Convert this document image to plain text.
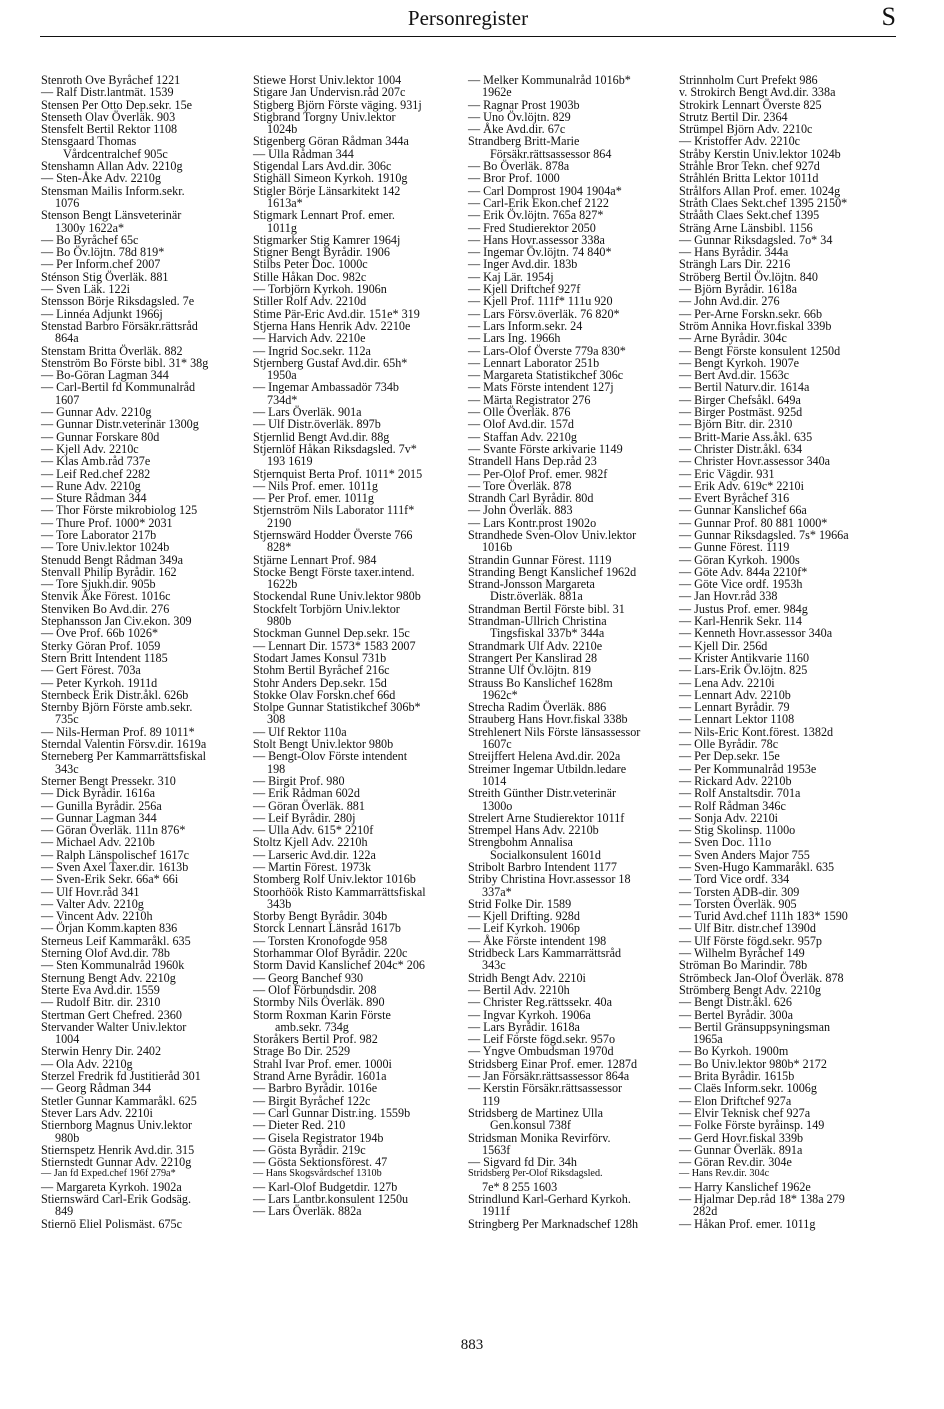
Personregister	S
Stenroth Ove Byråchef 1221
— Ralf Distr.lantmät. 1539
Stensen Per Otto Dep.sekr. 15e
Stenseth Olav Överläk. 903
Stensfelt Bertil Rektor 1108
Stensgaard Thomas
Vårdcentralchef 905c
Stenshamn Allan Adv. 2210g
— Sten-Åke Adv. 2210g
Stensman Mailis Inform.sekr.
1076
Stenson Bengt Länsveterinär
1300y 1622a*
— Bo Byråchef 65c
— Bo Öv.löjtn. 78d 819*
— Per Inform.chef 2007
Sténson Stig Överläk. 881
— Sven Läk. 122i
Stensson Börje Riksdagsled. 7e
— Linnéa Adjunkt 1966j
Stenstad Barbro Försäkr.rättsråd
864a
Stenstam Britta Överläk. 882
Stenström Bo Förste bibl. 31* 38g
— Bo-Göran Lagman 344
— Carl-Bertil fd Kommunalråd
1607
— Gunnar Adv. 2210g
— Gunnar Distr.veterinär 1300g
— Gunnar Forskare 80d
— Kjell Adv. 2210c
— Klas Amb.råd 737e
— Leif Red.chef 2282
— Rune Adv. 2210g
— Sture Rådman 344
— Thor Förste mikrobiolog 125
— Thure Prof. 1000* 2031
— Tore Laborator 217b
— Tore Univ.lektor 1024b
Stenudd Bengt Rådman 349a
Stenvall Philip Byrådir. 162
— Tore Sjukh.dir. 905b
Stenvik Åke Förest. 1016c
Stenviken Bo Avd.dir. 276
Stephansson Jan Civ.ekon. 309
— Ove Prof. 66b 1026*
Sterky Göran Prof. 1059
Stern Britt Intendent 1185
— Gert Förest. 703a
— Peter Kyrkoh. 1911d
Sternbeck Erik Distr.åkl. 626b
Sternby Björn Förste amb.sekr.
735c
— Nils-Herman Prof. 89 1011*
Sterndal Valentin Försv.dir. 1619a
Sterneberg Per Kammarrättsfiskal
343c
Sterner Bengt Pressekr. 310
— Dick Byrådir. 1616a
— Gunilla Byrådir. 256a
— Gunnar Lagman 344
— Göran Överläk. 111n 876*
— Michael Adv. 2210b
— Ralph Länspolischef 1617c
— Sven Axel Taxer.dir. 1613b
— Sven-Erik Sekr. 66a* 66i
— Ulf Hovr.råd 341
— Valter Adv. 2210g
— Vincent Adv. 2210h
— Örjan Komm.kapten 836
Sterneus Leif Kammaråkl. 635
Sterning Olof Avd.dir. 78b
— Sten Kommunalråd 1960k
Sternung Bengt Adv. 2210g
Sterte Eva Avd.dir. 1559
— Rudolf Bitr. dir. 2310
Stertman Gert Chefred. 2360
Stervander Walter Univ.lektor
1004
Sterwin Henry Dir. 2402
— Ola Adv. 2210g
Sterzel Fredrik fd Justitieråd 301
— Georg Rådman 344
Stetler Gunnar Kammaråkl. 625
Stever Lars Adv. 2210i
Stiernborg Magnus Univ.lektor
980b
Stiernspetz Henrik Avd.dir. 315
Stiernstedt Gunnar Adv. 2210g
— Jan fd Exped.chef 196f 279a*
— Margareta Kyrkoh. 1902a
Stiernswärd Carl-Erik Godsäg.
849
Stiernö Eliel Polismäst. 675c
Stiewe Horst Univ.lektor 1004
Stigare Jan Undervisn.råd 207c
Stigberg Björn Förste väging. 931j
Stigbrand Torgny Univ.lektor
1024b
Stigenberg Göran Rådman 344a
— Ulla Rådman 344
Stigendal Lars Avd.dir. 306c
Stighäll Simeon Kyrkoh. 1910g
Stigler Börje Länsarkitekt 142
1613a*
Stigmark Lennart Prof. emer.
1011g
Stigmarker Stig Kamrer 1964j
Stigner Bengt Byrådir. 1906
Stilbs Peter Doc. 1000c
Stille Håkan Doc. 982c
— Torbjörn Kyrkoh. 1906n
Stiller Rolf Adv. 2210d
Stime Pär-Eric Avd.dir. 151e* 319
Stjerna Hans Henrik Adv. 2210e
— Harvich Adv. 2210e
— Ingrid Soc.sekr. 112a
Stjernberg Gustaf Avd.dir. 65h*
1950a
— Ingemar Ambassadör 734b
734d*
— Lars Överläk. 901a
— Ulf Distr.överläk. 897b
Stjernlid Bengt Avd.dir. 88g
Stjernlöf Håkan Riksdagsled. 7v*
193 1619
Stjernquist Berta Prof. 1011* 2015
— Nils Prof. emer. 1011g
— Per Prof. emer. 1011g
Stjernström Nils Laborator 111f*
2190
Stjernswärd Hodder Överste 766
828*
Stjärne Lennart Prof. 984
Stocke Bengt Förste taxer.intend.
1622b
Stockendal Rune Univ.lektor 980b
Stockfelt Torbjörn Univ.lektor
980b
Stockman Gunnel Dep.sekr. 15c
— Lennart Dir. 1573* 1583 2007
Stodart James Konsul 731b
Stohm Bertil Byråchef 216c
Stohr Anders Dep.sekr. 15d
Stokke Olav Forskn.chef 66d
Stolpe Gunnar Statistikchef 306b*
308
— Ulf Rektor 110a
Stolt Bengt Univ.lektor 980b
— Bengt-Olov Förste intendent
198
— Birgit Prof. 980
— Erik Rådman 602d
— Göran Överläk. 881
— Leif Byrådir. 280j
— Ulla Adv. 615* 2210f
Stoltz Kjell Adv. 2210h
— Larseric Avd.dir. 122a
— Martin Förest. 1973k
Stomberg Rolf Univ.lektor 1016b
Stoorhöök Risto Kammarrättsfiskal
343b
Storby Bengt Byrådir. 304b
Storck Lennart Länsråd 1617b
— Torsten Kronofogde 958
Storhammar Olof Byrådir. 220c
Storm David Kanslichef 204c* 206
— Georg Banchef 930
— Olof Förbundsdir. 208
Stormby Nils Överläk. 890
Storm Roxman Karin Förste
amb.sekr. 734g
Storåkers Bertil Prof. 982
Strage Bo Dir. 2529
Strahl Ivar Prof. emer. 1000i
Strand Arne Byrådir. 1601a
— Barbro Byrådir. 1016e
— Birgit Byråchef 122c
— Carl Gunnar Distr.ing. 1559b
— Dieter Red. 210
— Gisela Registrator 194b
— Gösta Byrådir. 219c
— Gösta Sektionsförest. 47
— Hans Skogsvårdschef 1310b
— Karl-Olof Budgetdir. 127b
— Lars Lantbr.konsulent 1250u
— Lars Överläk. 882a
— Melker Kommunalråd 1016b*
1962e
— Ragnar Prost 1903b
— Uno Öv.löjtn. 829
— Åke Avd.dir. 67c
Strandberg Britt-Marie
Försäkr.rättsassessor 864
— Bo Överläk. 878a
— Bror Prof. 1000
— Carl Domprost 1904 1904a*
— Carl-Erik Ekon.chef 2122
— Erik Öv.löjtn. 765a 827*
— Fred Studierektor 2050
— Hans Hovr.assessor 338a
— Ingemar Öv.löjtn. 74 840*
— Inger Avd.dir. 183b
— Kaj Lär. 1954j
— Kjell Driftchef 927f
— Kjell Prof. 111f* 111u 920
— Lars Försv.överläk. 76 820*
— Lars Inform.sekr. 24
— Lars Ing. 1966h
— Lars-Olof Överste 779a 830*
— Lennart Laborator 251b
— Margareta Statistikchef 306c
— Mats Förste intendent 127j
— Märta Registrator 276
— Olle Överläk. 876
— Olof Avd.dir. 157d
— Staffan Adv. 2210g
— Svante Förste arkivarie 1149
Strandell Hans Dep.råd 23
— Per-Olof Prof. emer. 982f
— Tore Överläk. 878
Strandh Carl Byrådir. 80d
— John Överläk. 883
— Lars Kontr.prost 1902o
Strandhede Sven-Olov Univ.lektor
1016b
Strandin Gunnar Förest. 1119
Stranding Bengt Kanslichef 1962d
Strand-Jonsson Margareta
Distr.överläk. 881a
Strandman Bertil Förste bibl. 31
Strandman-Ullrich Christina
Tingsfiskal 337b* 344a
Strandmark Ulf Adv. 2210e
Strangert Per Kanslirad 28
Stranne Ulf Öv.löjtn. 819
Strauss Bo Kanslichef 1628m
1962c*
Strecha Radim Överläk. 886
Strauberg Hans Hovr.fiskal 338b
Strehlenert Nils Förste länsassessor
1607c
Streijffert Helena Avd.dir. 202a
Streimer Ingemar Utbildn.ledare
1014
Streith Günther Distr.veterinär
1300o
Strelert Arne Studierektor 1011f
Strempel Hans Adv. 2210b
Strengbohm Annalisa
Socialkonsulent 1601d
Stribolt Barbro Intendent 1177
Striby Christina Hovr.assessor 18
337a*
Strid Folke Dir. 1589
— Kjell Drifting. 928d
— Leif Kyrkoh. 1906p
— Åke Förste intendent 198
Stridbeck Lars Kammarrättsråd
343c
Stridh Bengt Adv. 2210i
— Bertil Adv. 2210h
— Christer Reg.rättssekr. 40a
— Ingvar Kyrkoh. 1906a
— Lars Byrådir. 1618a
— Leif Förste fögd.sekr. 957o
— Yngve Ombudsman 1970d
Stridsberg Einar Prof. emer. 1287d
— Jan Försäkr.rättsassessor 864a
— Kerstin Försäkr.rättsassessor
119
Stridsberg de Martinez Ulla
Gen.konsul 738f
Stridsman Monika Revirförv.
1563f
— Sigvard fd Dir. 34h
Stridsberg Per-Olof Riksdagsled.
7e* 8 255 1603
Strindlund Karl-Gerhard Kyrkoh.
1911f
Stringberg Per Marknadschef 128h
Strinnholm Curt Prefekt 986
v. Strokirch Bengt Avd.dir. 338a
Strokirk Lennart Överste 825
Strutz Bertil Dir. 2364
Strümpel Björn Adv. 2210c
— Kristoffer Adv. 2210c
Stråby Kerstin Univ.lektor 1024b
Stråhle Bror Tekn. chef 927d
Stråhlén Britta Lektor 1011d
Strålfors Allan Prof. emer. 1024g
Stråth Claes Sekt.chef 1395 2150*
Strååth Claes Sekt.chef 1395
Sträng Arne Länsbibl. 1156
— Gunnar Riksdagsled. 7o* 34
— Hans Byrådir. 344a
Strängh Lars Dir. 2216
Ströberg Bertil Öv.löjtn. 840
— Björn Byrådir. 1618a
— John Avd.dir. 276
— Per-Arne Forskn.sekr. 66b
Ström Annika Hovr.fiskal 339b
— Arne Byrådir. 304c
— Bengt Förste konsulent 1250d
— Bengt Kyrkoh. 1907e
— Bert Avd.dir. 1563c
— Bertil Naturv.dir. 1614a
— Birger Chefsåkl. 649a
— Birger Postmäst. 925d
— Björn Bitr. dir. 2310
— Britt-Marie Ass.åkl. 635
— Christer Distr.åkl. 634
— Christer Hovr.assessor 340a
— Eric Vägdir. 931
— Erik Adv. 619c* 2210i
— Evert Byråchef 316
— Gunnar Kanslichef 66a
— Gunnar Prof. 80 881 1000*
— Gunnar Riksdagsled. 7s* 1966a
— Gunne Förest. 1119
— Göran Kyrkoh. 1900s
— Göte Adv. 844a 2210f*
— Göte Vice ordf. 1953h
— Jan Hovr.råd 338
— Justus Prof. emer. 984g
— Karl-Henrik Sekr. 114
— Kenneth Hovr.assessor 340a
— Kjell Dir. 256d
— Krister Antikvarie 1160
— Lars-Erik Öv.löjtn. 825
— Lena Adv. 2210i
— Lennart Adv. 2210b
— Lennart Byrådir. 79
— Lennart Lektor 1108
— Nils-Eric Kont.förest. 1382d
— Olle Byrådir. 78c
— Per Dep.sekr. 15e
— Per Kommunalråd 1953e
— Rickard Adv. 2210b
— Rolf Anstaltsdir. 701a
— Rolf Rådman 346c
— Sonja Adv. 2210i
— Stig Skolinsp. 1100o
— Sven Doc. 111o
— Sven Anders Major 755
— Sven-Hugo Kammaråkl. 635
— Tord Vice ordf. 334
— Torsten ADB-dir. 309
— Torsten Överläk. 905
— Turid Avd.chef 111h 183* 1590
— Ulf Bitr. distr.chef 1390d
— Ulf Förste fögd.sekr. 957p
— Wilhelm Byråchef 149
Ströman Bo Marindir. 78b
Strömbeck Jan-Olof Överläk. 878
Strömberg Bengt Adv. 2210g
— Bengt Distr.åkl. 626
— Bertel Byrådir. 300a
— Bertil Gränsuppsyningsman
1965a
— Bo Kyrkoh. 1900m
— Bo Univ.lektor 980b* 2172
— Brita Byrådir. 1615b
— Claës Inform.sekr. 1006g
— Elon Driftchef 927a
— Elvir Teknisk chef 927a
— Folke Förste byråinsp. 149
— Gerd Hovr.fiskal 339b
— Gunnar Överläk. 891a
— Göran Rev.dir. 304e
— Hans Rev.dir. 304c
— Harry Kanslichef 1962e
— Hjalmar Dep.råd 18* 138a 279
282d
— Håkan Prof. emer. 1011g
883
